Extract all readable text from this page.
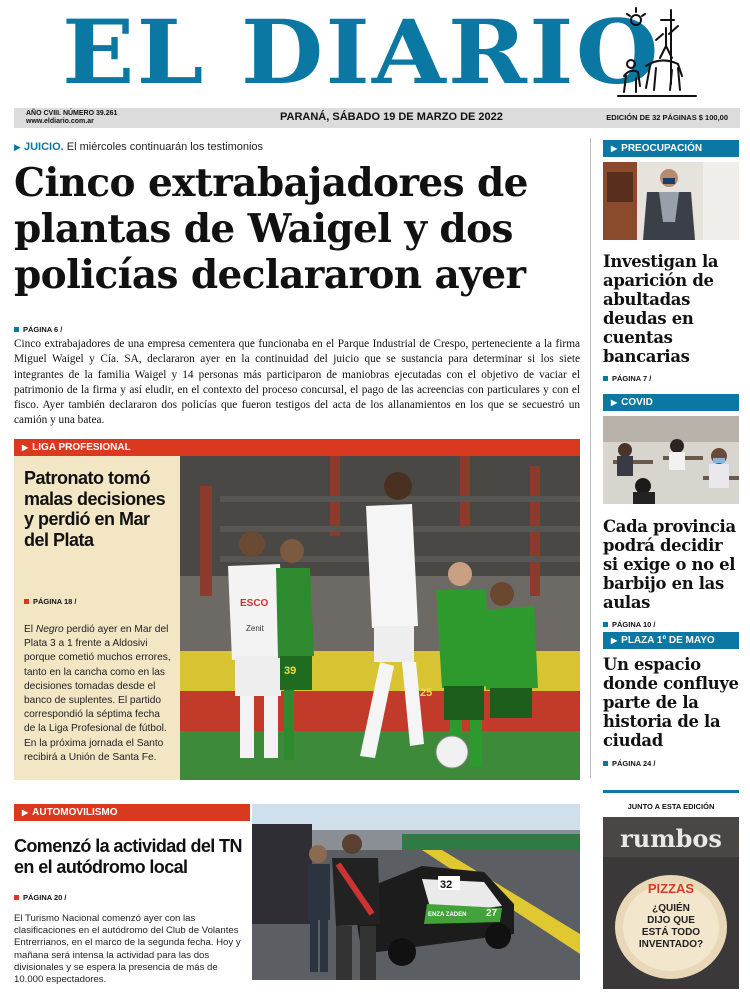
EL DIARIO
AÑO CVIII. NÚMERO 39.261
www.eldiario.com.ar	PARANÁ, SÁBADO 19 DE MARZO DE 2022	EDICIÓN DE 32 PÁGINAS $ 100,00
▶ JUICIO. El miércoles continuarán los testimonios
Cinco extrabajadores de plantas de Waigel y dos policías declararon ayer
PÁGINA 6 /

Cinco extrabajadores de una empresa cementera que funcionaba en el Parque Industrial de Crespo, perteneciente a la firma Miguel Waigel y Cía. SA, declararon ayer en la continuidad del juicio que se sustancia para determinar si los siete integrantes de la familia Waigel y 14 personas más participaron de maniobras ejecutadas con el objetivo de vaciar el patrimonio de la firma y así eludir, en el contexto del proceso concursal, el pago de las acreencias con particulares y con el fisco. Ayer también declararon dos policías que fueron testigos del acta de los allanamientos en los que se secuestró un camión y una batea.

▶ LIGA PROFESIONAL
Patronato tomó malas decisiones y perdió en Mar del Plata
PÁGINA 18 /

El Negro perdió ayer en Mar del Plata 3 a 1 frente a Aldosivi porque cometió muchos errores, tanto en la cancha como en las decisiones tomadas desde el banco de suplentes. El partido correspondió la séptima fecha de la Liga Profesional de fútbol. En la próxima jornada el Santo recibirá a Unión de Santa Fe.

ESCO
Zenit
39
25
▶ AUTOMOVILISMO
Comenzó la actividad del TN en el autódromo local
PÁGINA 20 /

El Turismo Nacional comenzó ayer con las clasificaciones en el autódromo del Club de Volantes Entrerrianos, en el marco de la segunda fecha. Hoy y mañana será intensa la actividad para las dos divisionales y se espera la presencia de más de 10.000 espectadores.

32
27
ENZA ZADEN
▶ PREOCUPACIÓN
Investigan la aparición de abultadas deudas en cuentas bancarias
PÁGINA 7 /
▶ COVID
Cada provincia podrá decidir si exige o no el barbijo en las aulas
PÁGINA 10 /
▶ PLAZA 1º DE MAYO
Un espacio donde confluye parte de la historia de la ciudad
PÁGINA 24 /
JUNTO A ESTA EDICIÓN
rumbos
PIZZAS
¿QUIÉN
DIJO QUE
ESTÁ TODO
INVENTADO?
